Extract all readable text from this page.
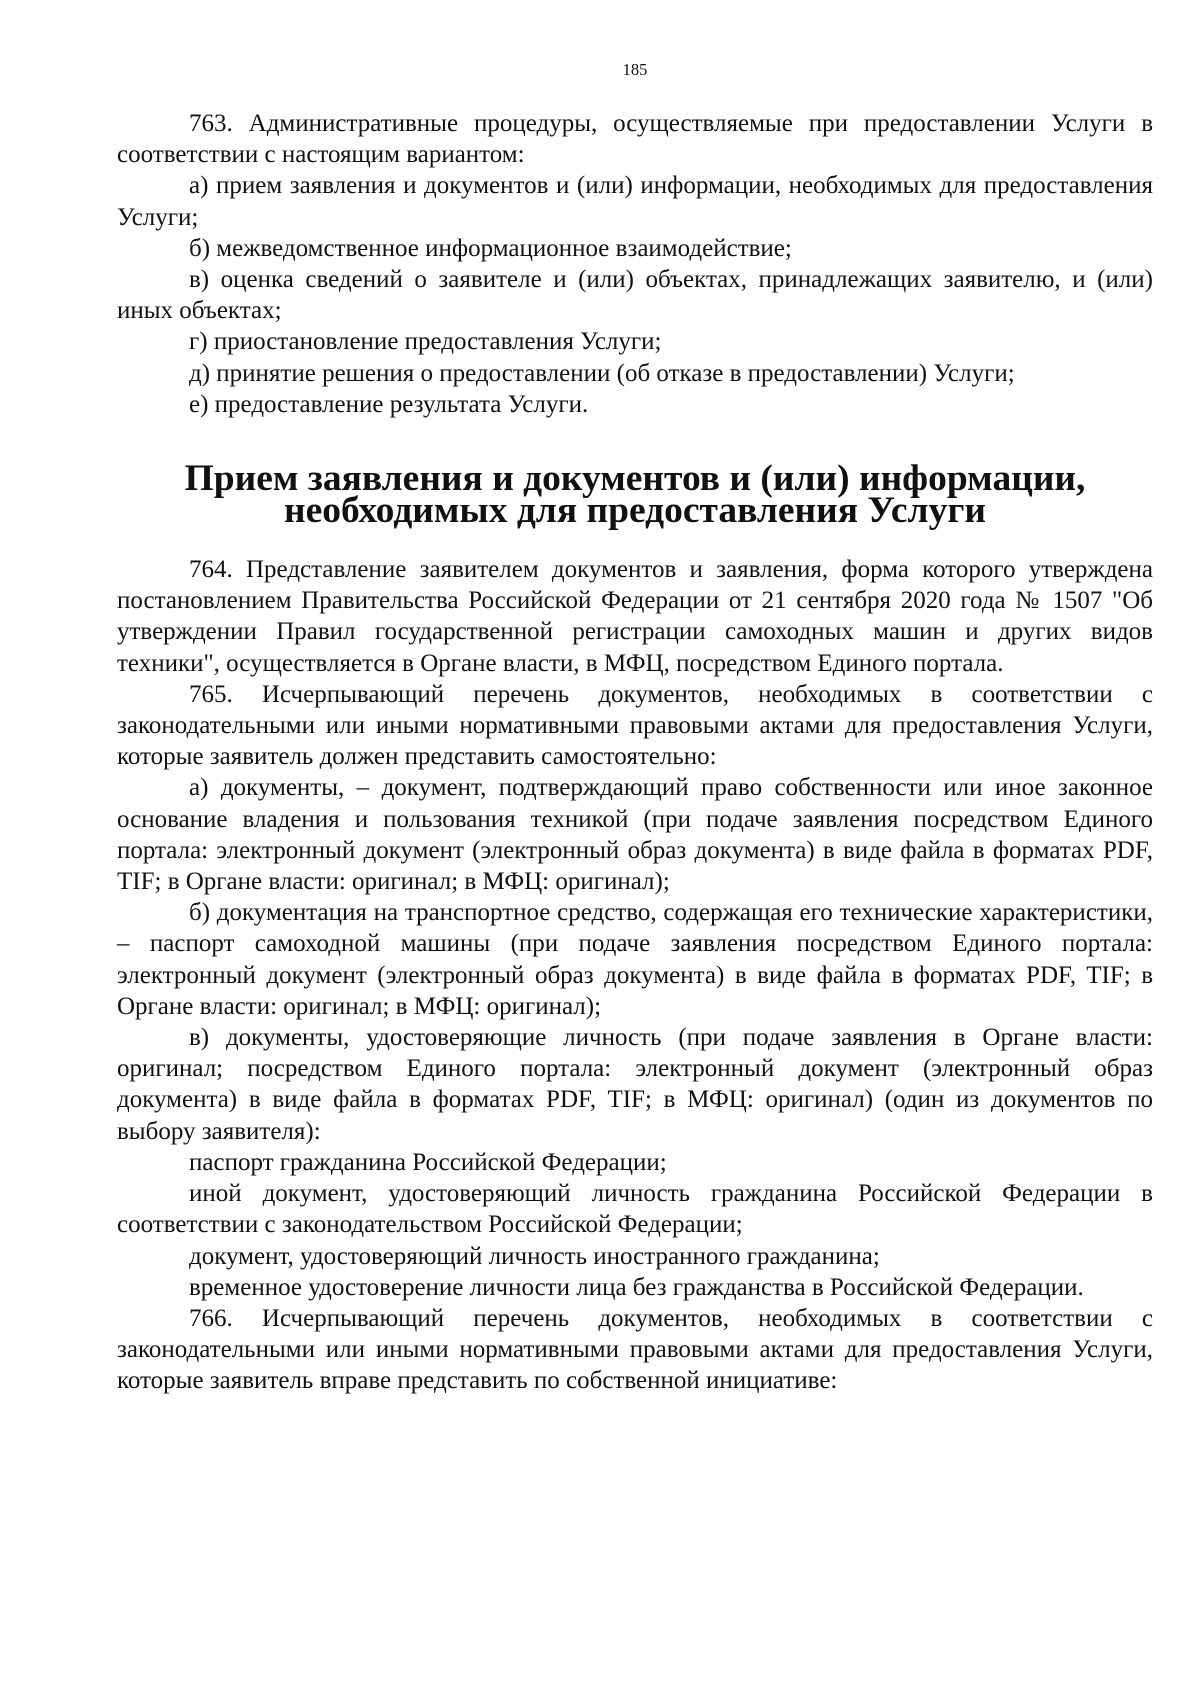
185

763. Административные процедуры, осуществляемые при предоставлении Услуги в соответствии с настоящим вариантом:

а) прием заявления и документов и (или) информации, необходимых для предоставления Услуги;

б) межведомственное информационное взаимодействие;

в) оценка сведений о заявителе и (или) объектах, принадлежащих заявителю, и (или) иных объектах;

г) приостановление предоставления Услуги;

д) принятие решения о предоставлении (об отказе в предоставлении) Услуги;

е) предоставление результата Услуги.

Прием заявления и документов и (или) информации, необходимых для предоставления Услуги

764. Представление заявителем документов и заявления, форма которого утверждена постановлением Правительства Российской Федерации от 21 сентября 2020 года № 1507 "Об утверждении Правил государственной регистрации самоходных машин и других видов техники", осуществляется в Органе власти, в МФЦ, посредством Единого портала.

765. Исчерпывающий перечень документов, необходимых в соответствии с законодательными или иными нормативными правовыми актами для предоставления Услуги, которые заявитель должен представить самостоятельно:

а) документы, – документ, подтверждающий право собственности или иное законное основание владения и пользования техникой (при подаче заявления посредством Единого портала: электронный документ (электронный образ документа) в виде файла в форматах PDF, TIF; в Органе власти: оригинал; в МФЦ: оригинал);

б) документация на транспортное средство, содержащая его технические характеристики, – паспорт самоходной машины (при подаче заявления посредством Единого портала: электронный документ (электронный образ документа) в виде файла в форматах PDF, TIF; в Органе власти: оригинал; в МФЦ: оригинал);

в) документы, удостоверяющие личность (при подаче заявления в Органе власти: оригинал; посредством Единого портала: электронный документ (электронный образ документа) в виде файла в форматах PDF, TIF; в МФЦ: оригинал) (один из документов по выбору заявителя):

паспорт гражданина Российской Федерации;

иной документ, удостоверяющий личность гражданина Российской Федерации в соответствии с законодательством Российской Федерации;

документ, удостоверяющий личность иностранного гражданина;

временное удостоверение личности лица без гражданства в Российской Федерации.

766. Исчерпывающий перечень документов, необходимых в соответствии с законодательными или иными нормативными правовыми актами для предоставления Услуги, которые заявитель вправе представить по собственной инициативе:
